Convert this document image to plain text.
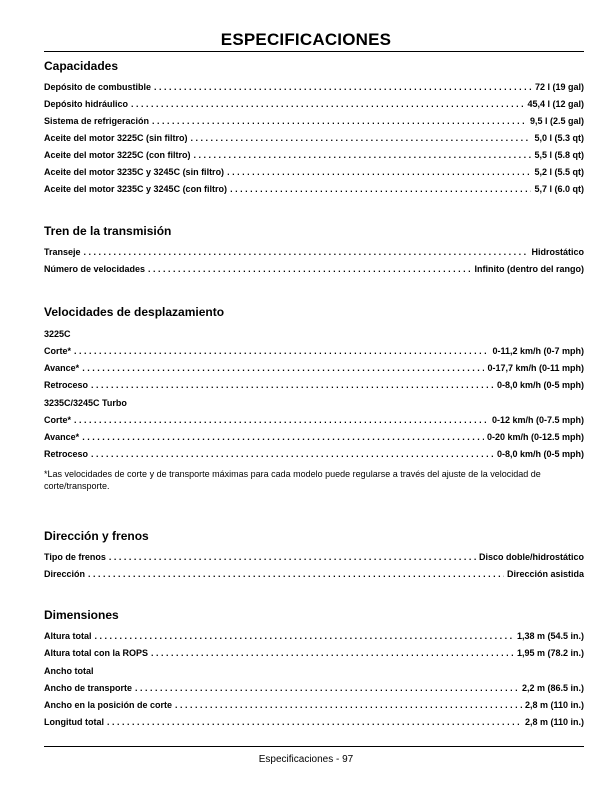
ESPECIFICACIONES
Capacidades
Depósito de combustible . . .	72 l (19 gal)
Depósito hidráulico . . .	45,4 l (12 gal)
Sistema de refrigeración . . .	9,5 l (2.5 gal)
Aceite del motor 3225C (sin filtro) . . .	5,0 l (5.3 qt)
Aceite del motor 3225C (con filtro) . . .	5,5 l (5.8 qt)
Aceite del motor 3235C y 3245C (sin filtro) . . .	5,2 l (5.5 qt)
Aceite del motor 3235C y 3245C (con filtro) . . .	5,7 l (6.0 qt)
Tren de la transmisión
Transeje . . .	Hidrostático
Número de velocidades . . .	Infinito (dentro del rango)
Velocidades de desplazamiento
3225C
Corte* . . .	0-11,2 km/h (0-7 mph)
Avance* . . .	0-17,7 km/h (0-11 mph)
Retroceso . . .	0-8,0 km/h (0-5 mph)
3235C/3245C Turbo
Corte* . . .	0-12 km/h (0-7.5 mph)
Avance* . . .	0-20 km/h (0-12.5 mph)
Retroceso . . .	0-8,0 km/h (0-5 mph)
*Las velocidades de corte y de transporte máximas para cada modelo puede regularse a través del ajuste de la velocidad de corte/transporte.
Dirección y frenos
Tipo de frenos . . .	Disco doble/hidrostático
Dirección . . .	Dirección asistida
Dimensiones
Altura total . . .	1,38 m (54.5 in.)
Altura total con la ROPS . . .	1,95 m (78.2 in.)
Ancho total
Ancho de transporte . . .	2,2 m (86.5 in.)
Ancho en la posición de corte . . .	2,8 m (110 in.)
Longitud total . . .	2,8 m (110 in.)
Especificaciones - 97
